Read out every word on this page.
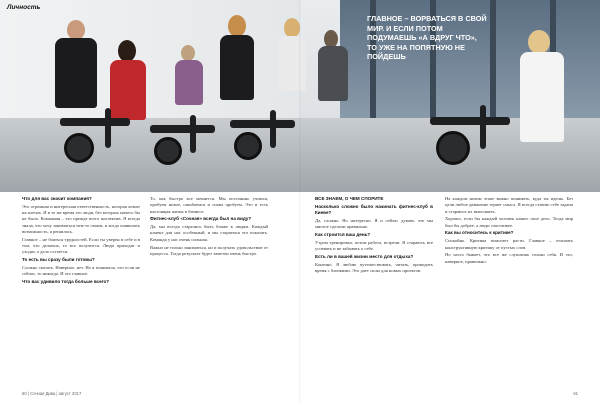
Личность
ГЛАВНОЕ – ВОРВАТЬСЯ В СВОЙ МИР. И ЕСЛИ ПОТОМ ПОДУМАЕШЬ «А ВДРУГ ЧТО», ТО УЖЕ НА ПОПЯТНУЮ НЕ ПОЙДЕШЬ

Что для вас значит компания?

Это огромная и интересная ответственность, которая лежит на плечах. И в то же время это люди, без которых ничего бы не было. Компания – это прежде всего коллектив. Я всегда знала, что хочу заниматься чем-то своим, и когда появилась возможность, я решилась.

Главное – не бояться трудностей. Если ты уверен в себе и в том, что делаешь, то все получится. Люди приходят и уходят, а дело остается.

То есть вы сразу были готовы?

Сложно сказать. Наверное, нет. Но я понимала, что если не сейчас, то никогда. И это главное.

Что вас удивило тогда больше всего?

То, как быстро все меняется. Мы постоянно учимся, пробуем новое, ошибаемся и снова пробуем. Это и есть настоящая жизнь в бизнесе.

Фитнес-клуб «Сочная» всегда был на виду?

Да, мы всегда старались быть ближе к людям. Каждый клиент для нас особенный, и мы стараемся это показать. Команда у нас очень сильная.

Важно не только заниматься, но и получать удовольствие от процесса. Тогда результат будет заметен очень быстро.

ВСЕ ЗНАЕМ, О ЧЕМ СПОРИТЕ

Насколько сложно было начинать фитнес-клуб в Киеве?

Да, сложно. Но интересно. Я и сейчас думаю, что мы многое сделали правильно.

Как строится ваш день?

Утром тренировка, потом работа, встречи. Я стараюсь все успевать и не забывать о себе.

Есть ли в вашей жизни место для отдыха?

Конечно. Я люблю путешествовать, читать, проводить время с близкими. Это дает силы для новых проектов.

На каждом новом этапе важно понимать, куда ты идешь. Без цели любое движение теряет смысл. Я всегда ставлю себе задачи и стараюсь их выполнять.

Хорошо, если бы каждый человек нашел свое дело. Тогда мир был бы добрее, а люди счастливее.

Как вы относитесь к критике?

Спокойно. Критика помогает расти. Главное – отличать конструктивную критику от пустых слов.

Но часто бывает, что все же слушаешь только себя. И это, наверное, правильно.

60 | Сочная Дива | август 2017	61
